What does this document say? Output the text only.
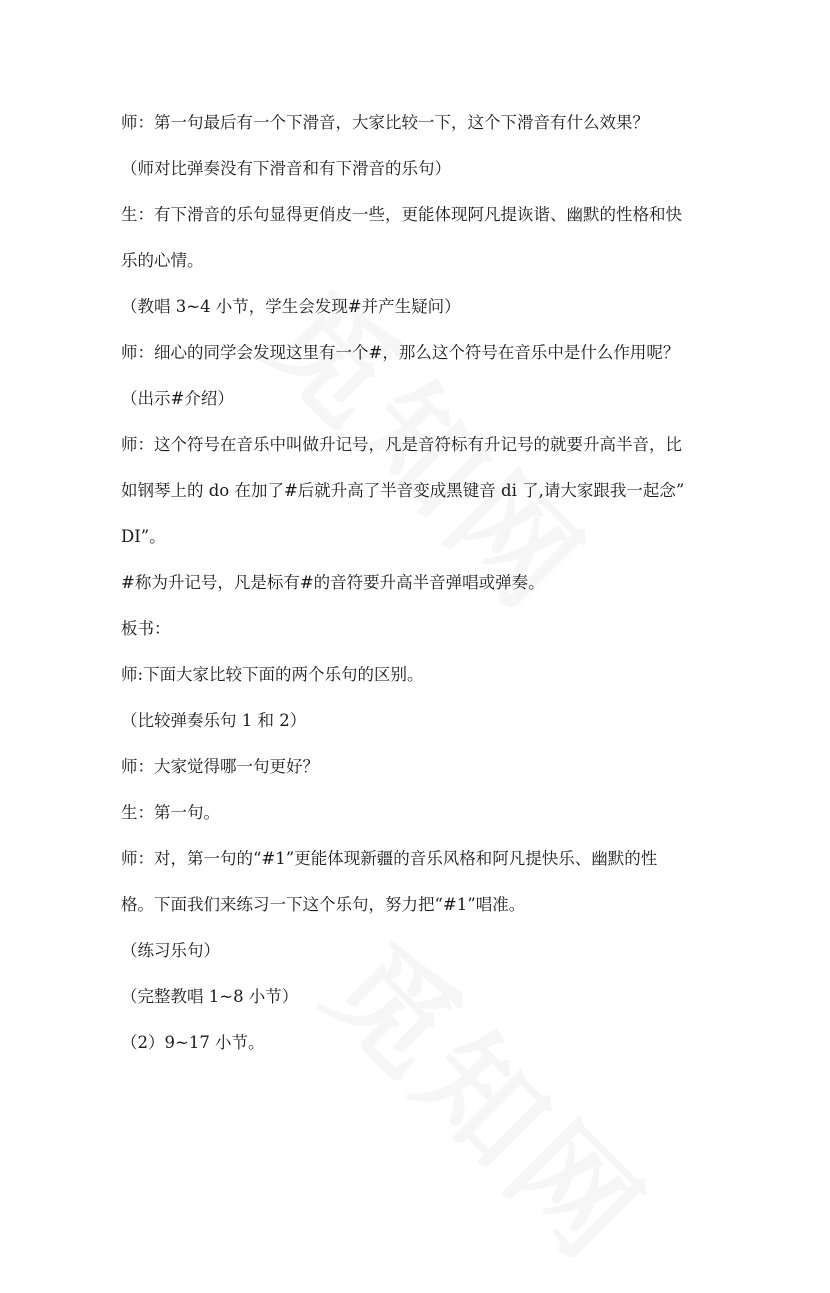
师：第一句最后有一个下滑音，大家比较一下，这个下滑音有什么效果？
（师对比弹奏没有下滑音和有下滑音的乐句）
生：有下滑音的乐句显得更俏皮一些，更能体现阿凡提诙谐、幽默的性格和快
乐的心情。
（教唱 3~4 小节，学生会发现#并产生疑问）
师：细心的同学会发现这里有一个#，那么这个符号在音乐中是什么作用呢？
（出示#介绍）
师：这个符号在音乐中叫做升记号，凡是音符标有升记号的就要升高半音，比
如钢琴上的 do 在加了#后就升高了半音变成黑键音 di 了,请大家跟我一起念”
DI”。
#称为升记号，凡是标有#的音符要升高半音弹唱或弹奏。
板书：
师:下面大家比较下面的两个乐句的区别。
（比较弹奏乐句 1 和 2）
师：大家觉得哪一句更好？
生：第一句。
师：对，第一句的“#1”更能体现新疆的音乐风格和阿凡提快乐、幽默的性
格。下面我们来练习一下这个乐句，努力把“#1”唱准。
（练习乐句）
（完整教唱 1~8 小节）
（2）9~17 小节。
